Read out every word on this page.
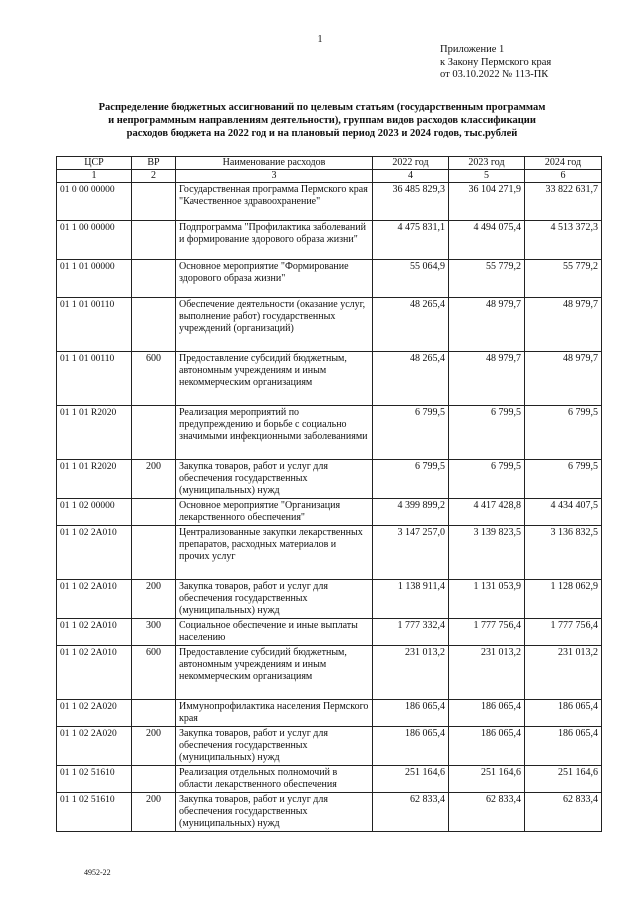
1
Приложение 1
к Закону Пермского края
от 03.10.2022 № 113-ПК
Распределение бюджетных ассигнований по целевым статьям (государственным программам
и непрограммным направлениям деятельности), группам видов расходов классификации
расходов бюджета на 2022 год и на плановый период 2023 и 2024 годов, тыс.рублей
ЦСР	ВР	Наименование расходов	2022 год	2023 год	2024 год
1	2	3	4	5	6
01 0 00 00000		Государственная программа Пермского края "Качественное здравоохранение"	36 485 829,3	36 104 271,9	33 822 631,7
01 1 00 00000		Подпрограмма "Профилактика заболеваний и формирование здорового образа жизни"	4 475 831,1	4 494 075,4	4 513 372,3
01 1 01 00000		Основное мероприятие "Формирование здорового образа жизни"	55 064,9	55 779,2	55 779,2
01 1 01 00110		Обеспечение деятельности (оказание услуг, выполнение работ) государственных учреждений (организаций)	48 265,4	48 979,7	48 979,7
01 1 01 00110	600	Предоставление субсидий бюджетным, автономным учреждениям и иным некоммерческим организациям	48 265,4	48 979,7	48 979,7
01 1 01 R2020		Реализация мероприятий по предупреждению и борьбе с социально значимыми инфекционными заболеваниями	6 799,5	6 799,5	6 799,5
01 1 01 R2020	200	Закупка товаров, работ и услуг для обеспечения государственных (муниципальных) нужд	6 799,5	6 799,5	6 799,5
01 1 02 00000		Основное мероприятие "Организация лекарственного обеспечения"	4 399 899,2	4 417 428,8	4 434 407,5
01 1 02 2A010		Централизованные закупки лекарственных препаратов, расходных материалов и прочих услуг	3 147 257,0	3 139 823,5	3 136 832,5
01 1 02 2A010	200	Закупка товаров, работ и услуг для обеспечения государственных (муниципальных) нужд	1 138 911,4	1 131 053,9	1 128 062,9
01 1 02 2A010	300	Социальное обеспечение и иные выплаты населению	1 777 332,4	1 777 756,4	1 777 756,4
01 1 02 2A010	600	Предоставление субсидий бюджетным, автономным учреждениям и иным некоммерческим организациям	231 013,2	231 013,2	231 013,2
01 1 02 2A020		Иммунопрофилактика населения Пермского края	186 065,4	186 065,4	186 065,4
01 1 02 2A020	200	Закупка товаров, работ и услуг для обеспечения государственных (муниципальных) нужд	186 065,4	186 065,4	186 065,4
01 1 02 51610		Реализация отдельных полномочий в области лекарственного обеспечения	251 164,6	251 164,6	251 164,6
01 1 02 51610	200	Закупка товаров, работ и услуг для обеспечения государственных (муниципальных) нужд	62 833,4	62 833,4	62 833,4
4952-22
